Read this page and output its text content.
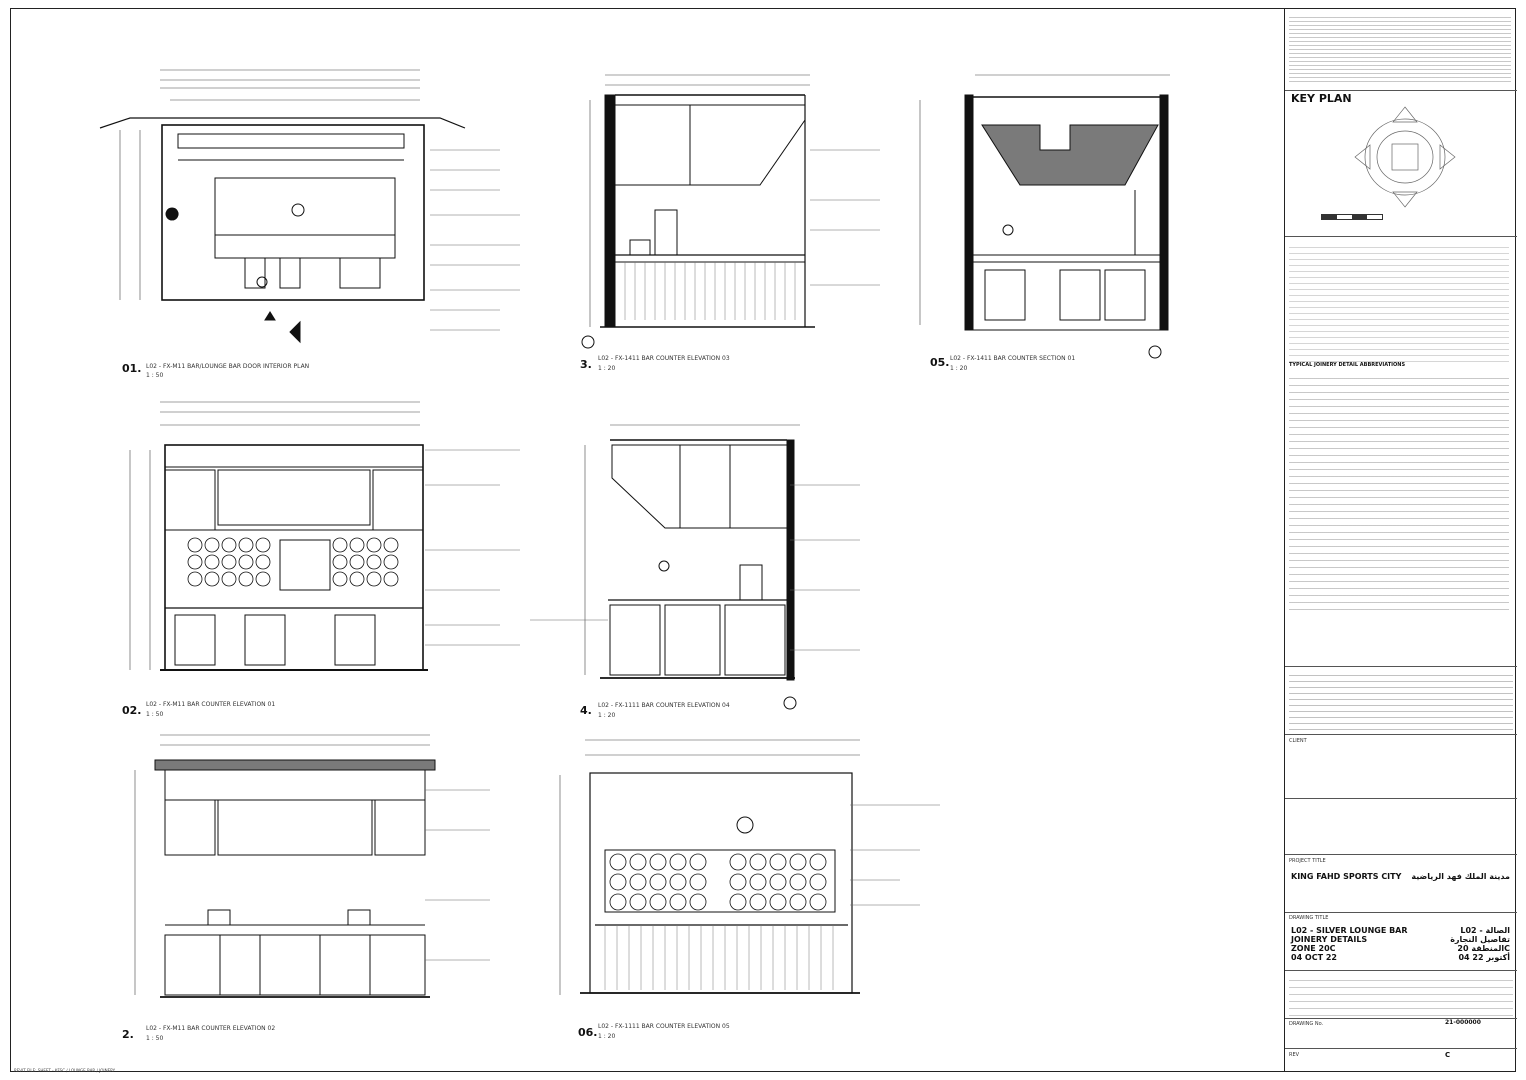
01. L02 - FX-M11 BAR/LOUNGE BAR DOOR INTERIOR PLAN
1 : 50
3. L02 - FX-1411 BAR COUNTER ELEVATION 03
1 : 20	05. L02 - FX-1411 BAR COUNTER SECTION 01
1 : 20
02. L02 - FX-M11 BAR COUNTER ELEVATION 01
1 : 50	4. L02 - FX-1111 BAR COUNTER ELEVATION 04
1 : 20
2. L02 - FX-M11 BAR COUNTER ELEVATION 02
1 : 50	06. L02 - FX-1111 BAR COUNTER ELEVATION 05
1 : 20
KEY PLAN
TYPICAL JOINERY DETAIL ABBREVIATIONS
CLIENT
PROJECT TITLE
KING FAHD SPORTS CITY مدينة الملك فهد الرياضية
DRAWING TITLE
L02 - SILVER LOUNGE BAR
JOINERY DETAILS
ZONE 20C
04 OCT 22
L02 - الصالة
تفاصيل النجارة
المنطقة 20C
04 أكتوبر 22
DRAWING No.	21-000000
REV	C
REVIT FILE: SHEET - KFSC / LOUNGE BAR / JOINERY
